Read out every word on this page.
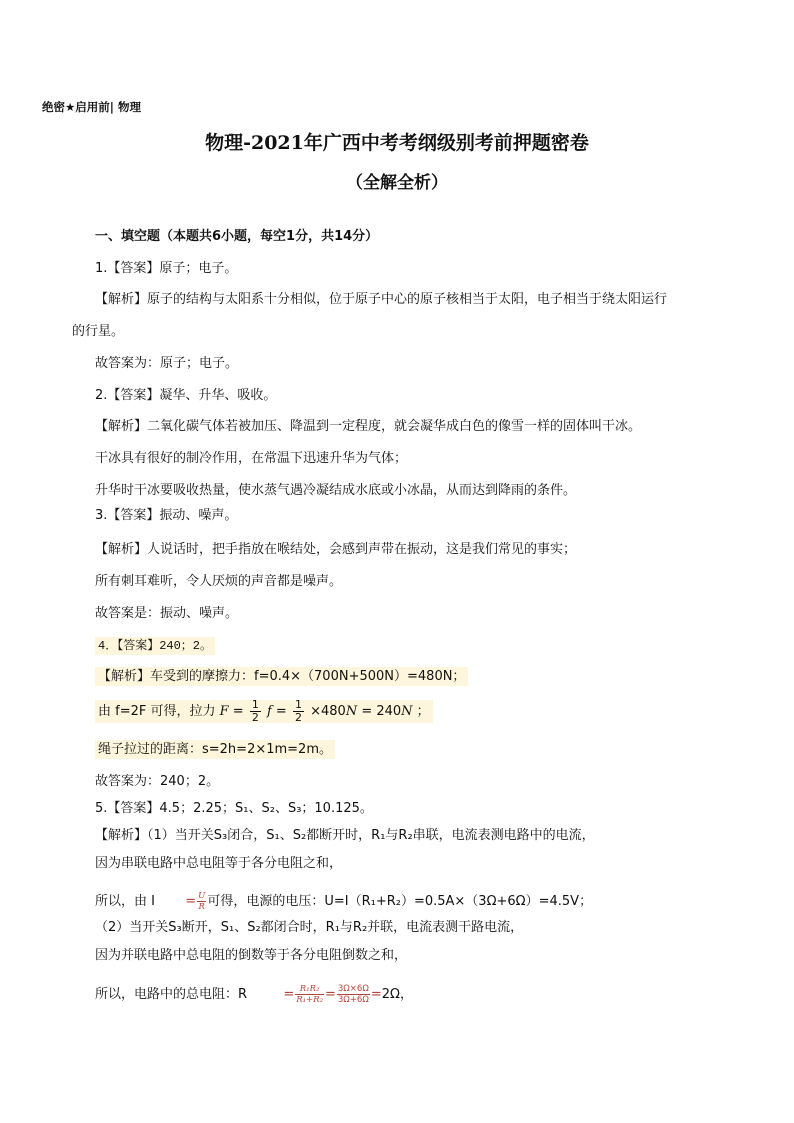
绝密★启用前| 物理
物理-2021年广西中考考纲级别考前押题密卷
（全解全析）
一、填空题（本题共6小题，每空1分，共14分）
1.【答案】原子；电子。
【解析】原子的结构与太阳系十分相似，位于原子中心的原子核相当于太阳，电子相当于绕太阳运行
的行星。
故答案为：原子；电子。
2.【答案】凝华、升华、吸收。
【解析】二氧化碳气体若被加压、降温到一定程度，就会凝华成白色的像雪一样的固体叫干冰。
干冰具有很好的制冷作用，在常温下迅速升华为气体；
升华时干冰要吸收热量，使水蒸气遇冷凝结成水底或小冰晶，从而达到降雨的条件。
3.【答案】振动、噪声。
【解析】人说话时，把手指放在喉结处，会感到声带在振动，这是我们常见的事实；
所有刺耳难听，令人厌烦的声音都是噪声。
故答案是：振动、噪声。
4．【答案】240；2。
【解析】车受到的摩擦力：f=0.4×（700N+500N）=480N；
由 f=2F 可得，拉力 $F = \frac{1}{2}$ $f = \frac{1}{2} \times 480N = 240N$ ；
绳子拉过的距离：s=2h=2×1m=2m。
故答案为：240；2。
5.【答案】4.5；2.25；S₁、S₂、S₃；10.125。
【解析】（1）当开关S₃闭合，S₁、S₂都断开时，R₁与R₂串联，电流表测电路中的电流，
因为串联电路中总电阻等于各分电阻之和，
所以，由 $I = \frac{U}{R}$ 可得，电源的电压：U=I（R₁+R₂）=0.5A×（3Ω+6Ω）=4.5V；
（2）当开关S₃断开，S₁、S₂都闭合时，R₁与R₂并联，电流表测干路电流，
因为并联电路中总电阻的倒数等于各分电阻倒数之和，
所以，电路中的总电阻：R	= $\frac{\text{R₁R₂}}{\text{R₁+R₂}} = \frac{3\Omega\times 6\Omega}{3\Omega+6\Omega} =2\Omega$，
